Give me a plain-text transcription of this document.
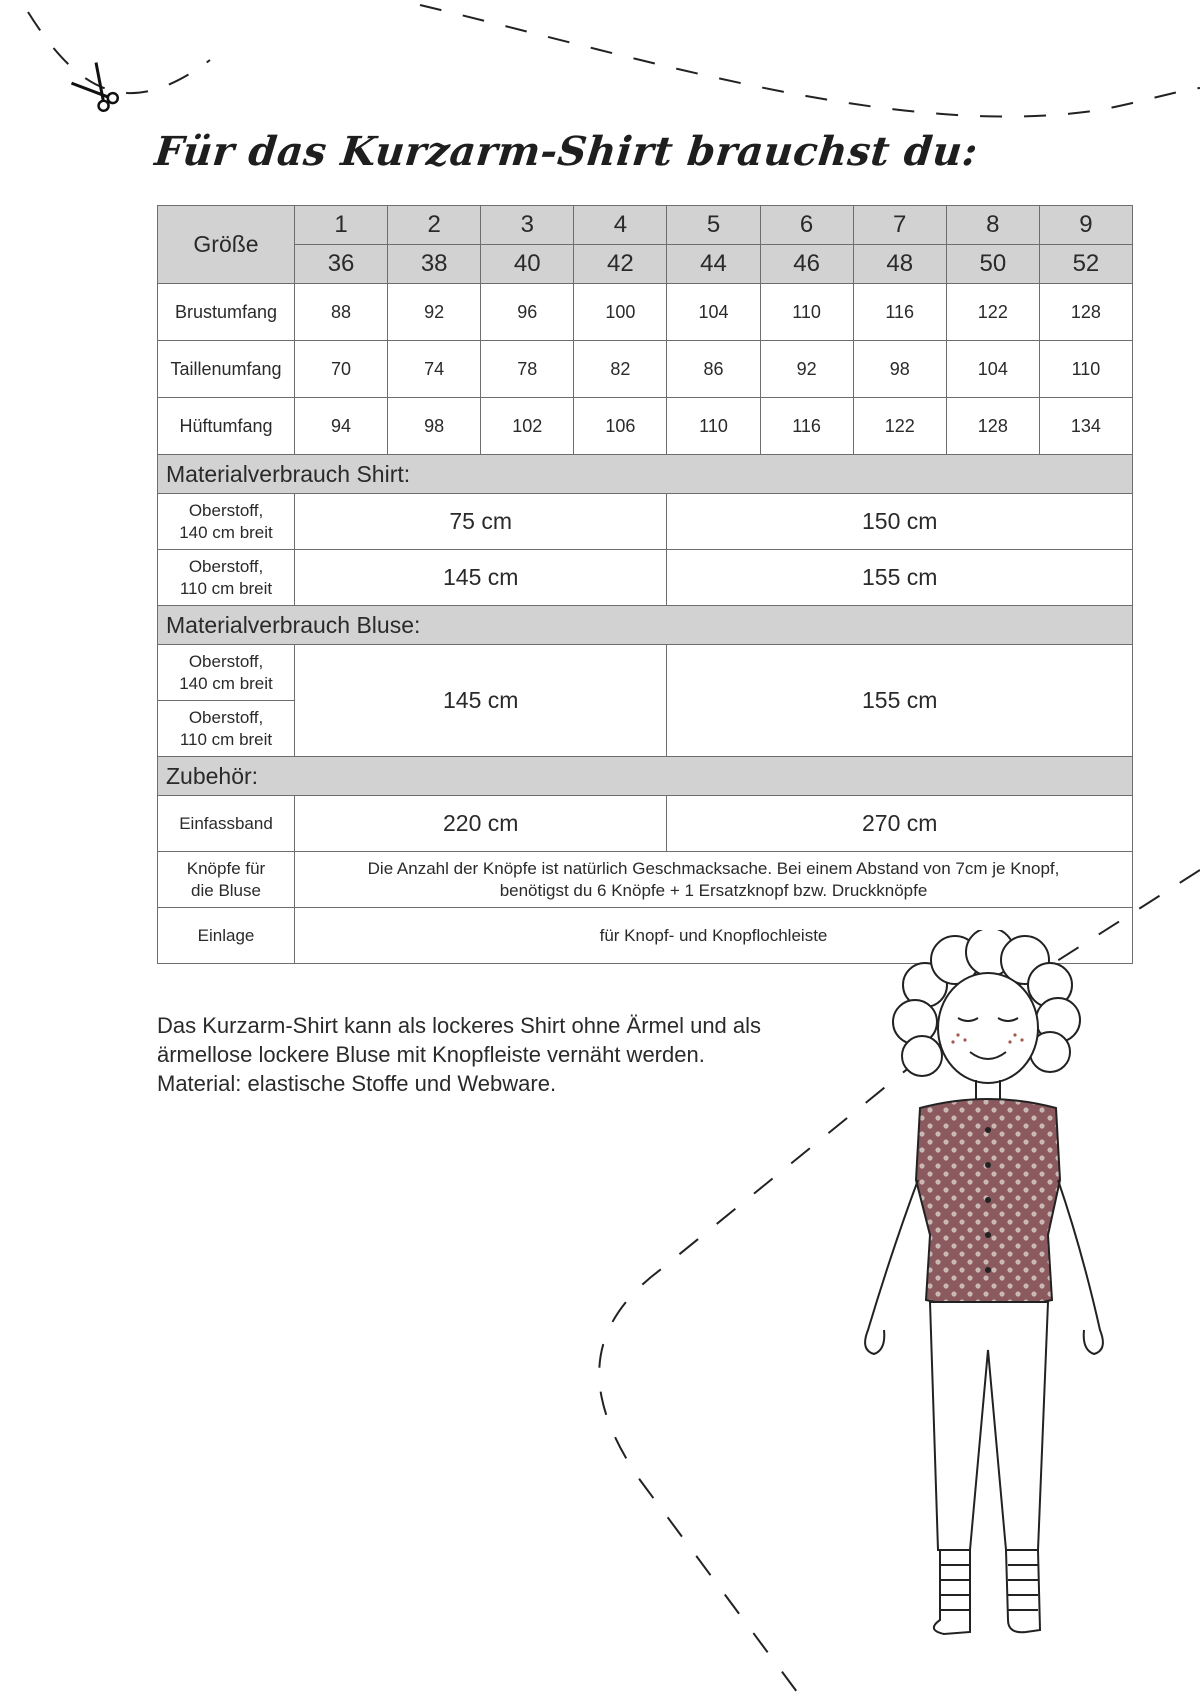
Für das Kurzarm-Shirt brauchst du:
Größe	1	2	3	4	5	6	7	8	9
	36	38	40	42	44	46	48	50	52
Brustumfang	88	92	96	100	104	110	116	122	128
Taillenumfang	70	74	78	82	86	92	98	104	110
Hüftumfang	94	98	102	106	110	116	122	128	134
Materialverbrauch Shirt:									
Oberstoff,
140 cm breit	75 cm				150 cm				
Oberstoff,
110 cm breit	145 cm				155 cm				
Materialverbrauch Bluse:									
Oberstoff,
140 cm breit	145 cm				155 cm				
Oberstoff,
110 cm breit									
Zubehör:									
Einfassband	220 cm				270 cm				
Knöpfe für
die Bluse	Die Anzahl der Knöpfe ist natürlich Geschmacksache. Bei einem Abstand von 7cm je Knopf,
benötigst du 6 Knöpfe + 1 Ersatzknopf bzw. Druckknöpfe								
Einlage	für Knopf- und Knopflochleiste								
Das Kurzarm-Shirt kann als lockeres Shirt ohne Ärmel und als
ärmellose lockere Bluse mit Knopfleiste vernäht werden.
Material: elastische Stoffe und Webware.
